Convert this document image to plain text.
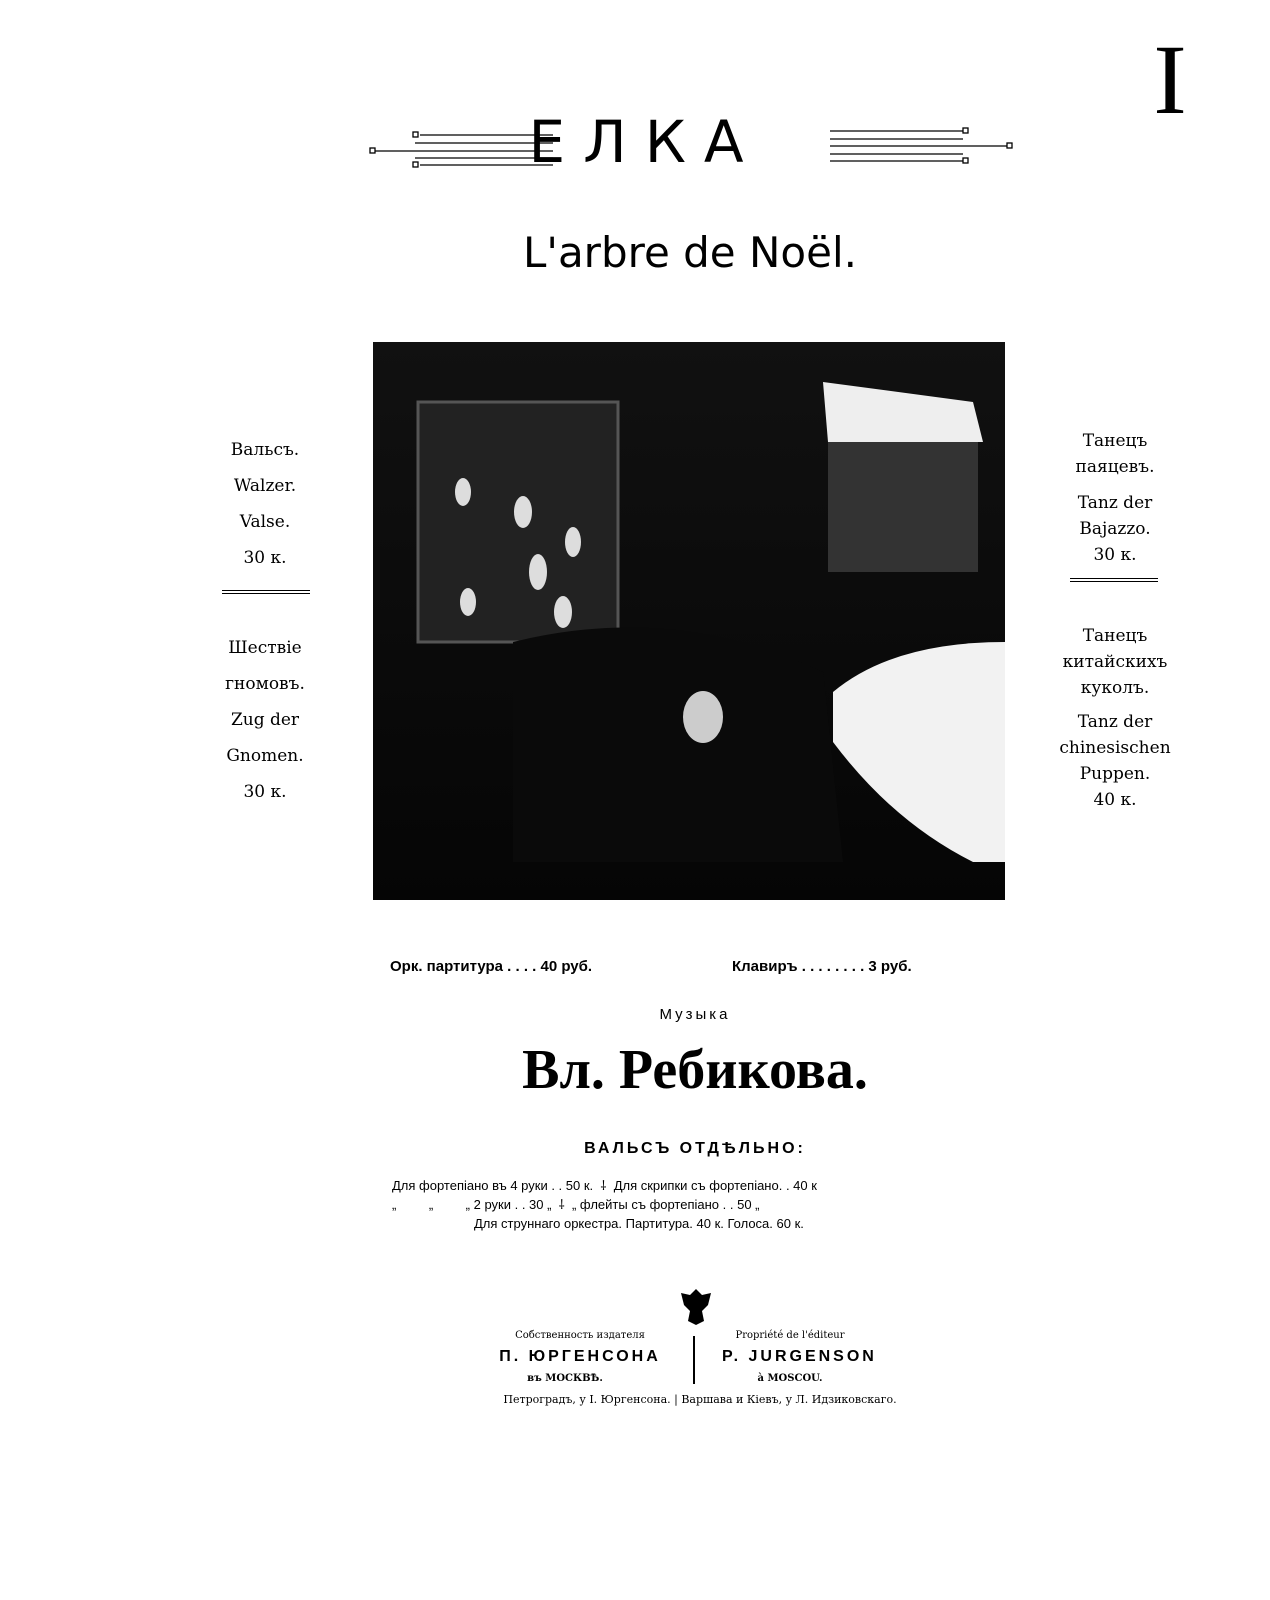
I
ЕЛКА
L'arbre de Noël.
Вальсъ.
Walzer.
Valse.
30 к.
Шествіе
гномовъ.
Zug der
Gnomen.
30 к.
Танецъ
паяцевъ.
Tanz der
Bajazzo.
30 к.
Танецъ
китайскихъ
куколъ.
Tanz der
chinesischen
Puppen.
40 к.
Орк. партитура . . . . 40 руб.	Клавиръ . . . . . . . . 3 руб.
Музыка
Вл. Ребикова.
ВАЛЬСЪ ОТДѢЛЬНО:
Для фортепіано въ 4 руки . . 50 к.  ⸸  Для скрипки съ фортепіано. . 40 к
„         „         „ 2 руки . . 30 „  ⸸  „ флейты съ фортепіано . . 50 „
Для струннаго оркестра. Партитура. 40 к. Голоса. 60 к.
Собственность издателя
П. ЮРГЕНСОНА
въ МОСКВѢ.
Propriété de l'éditeur
P. JURGENSON
à MOSCOU.
Петроградъ, у І. Юргенсона. | Варшава и Кіевъ, у Л. Идзиковскаго.
